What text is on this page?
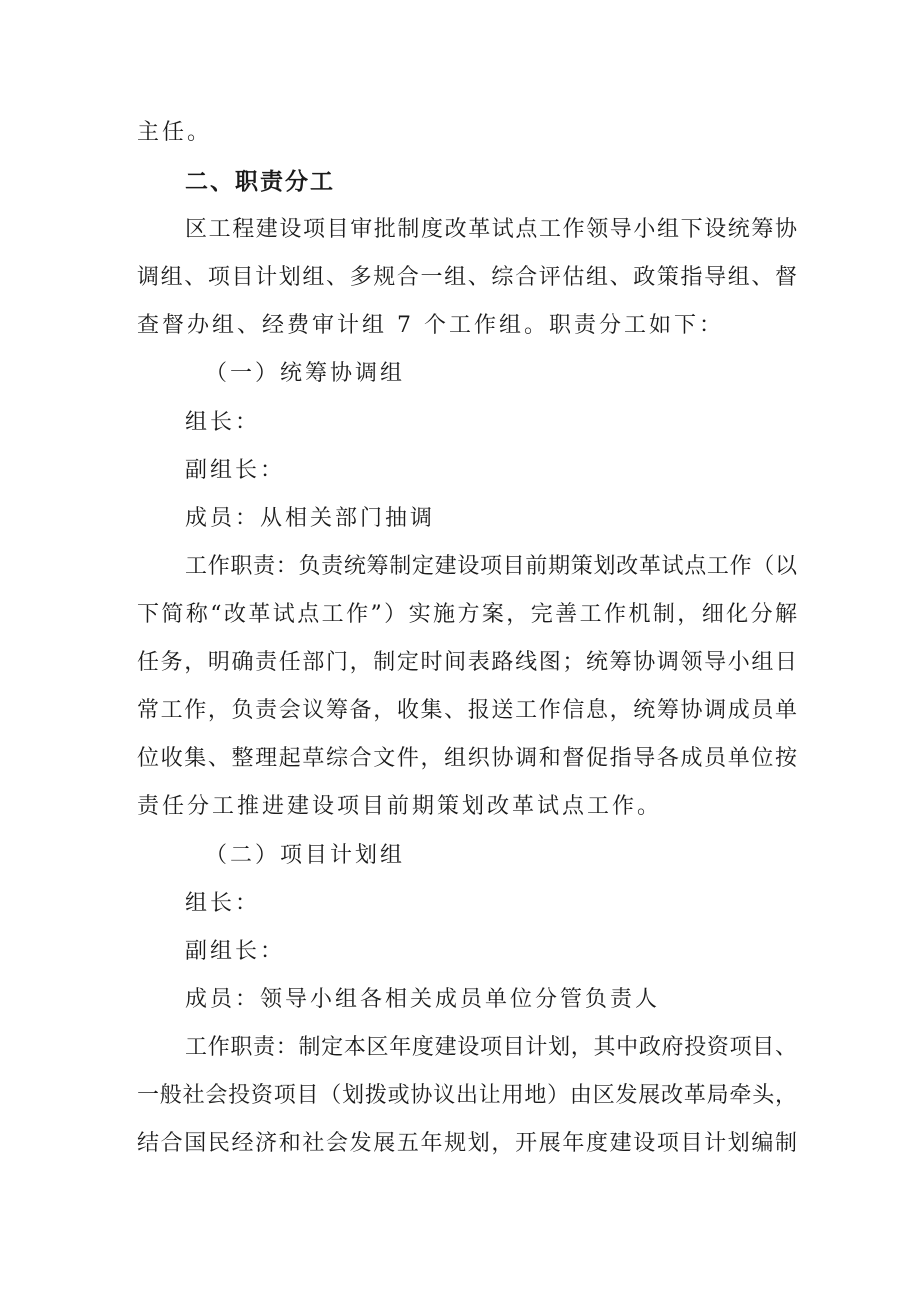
主任。
二、职责分工
区工程建设项目审批制度改革试点工作领导小组下设统筹协
调组、项目计划组、多规合一组、综合评估组、政策指导组、督
查督办组、经费审计组 7 个工作组。职责分工如下：
（一）统筹协调组
组长：
副组长：
成员：从相关部门抽调
工作职责：负责统筹制定建设项目前期策划改革试点工作（以
下简称“改革试点工作”）实施方案，完善工作机制，细化分解
任务，明确责任部门，制定时间表路线图；统筹协调领导小组日
常工作，负责会议筹备，收集、报送工作信息，统筹协调成员单
位收集、整理起草综合文件，组织协调和督促指导各成员单位按
责任分工推进建设项目前期策划改革试点工作。
（二）项目计划组
组长：
副组长：
成员：领导小组各相关成员单位分管负责人
工作职责：制定本区年度建设项目计划，其中政府投资项目、
一般社会投资项目（划拨或协议出让用地）由区发展改革局牵头，
结合国民经济和社会发展五年规划，开展年度建设项目计划编制
